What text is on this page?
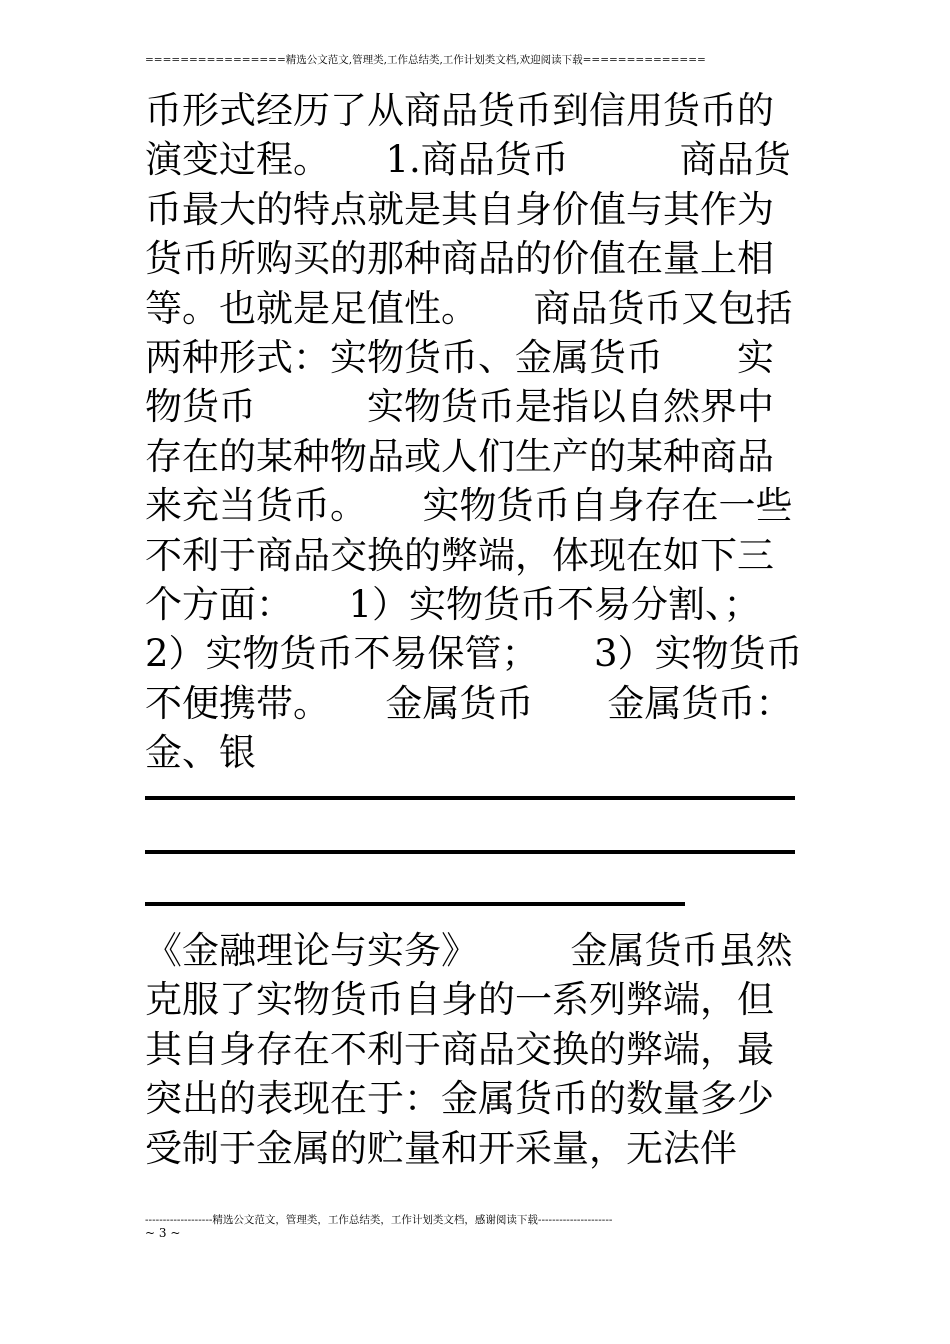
================精选公文范文,管理类,工作总结类,工作计划类文档,欢迎阅读下载==============
币形式经历了从商品货币到信用货币的演变过程。　　1.商品货币　　　商品货币最大的特点就是其自身价值与其作为货币所购买的那种商品的价值在量上相等。也就是足值性。　　商品货币又包括两种形式：实物货币、金属货币　　实物货币　　　实物货币是指以自然界中存在的某种物品或人们生产的某种商品来充当货币。　　实物货币自身存在一些不利于商品交换的弊端，体现在如下三个方面：　　1）实物货币不易分割、；　　2）实物货币不易保管；　　3）实物货币不便携带。　　金属货币　　金属货币：金、银
《金融理论与实务》　　　金属货币虽然克服了实物货币自身的一系列弊端，但其自身存在不利于商品交换的弊端，最突出的表现在于：金属货币的数量多少受制于金属的贮量和开采量，无法伴
-------------------精选公文范文，管理类，工作总结类，工作计划类文档，感谢阅读下载---------------------
~ 3 ~
